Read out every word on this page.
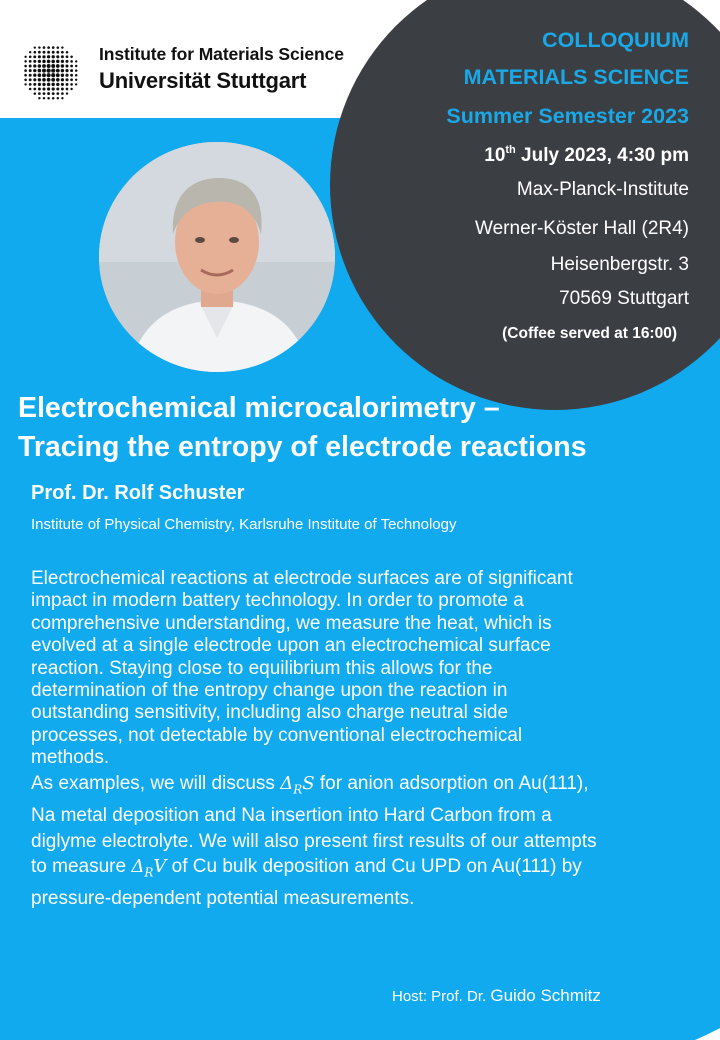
Institute for Materials Science
Universität Stuttgart
COLLOQUIUM
MATERIALS SCIENCE
Summer Semester 2023
10th July 2023, 4:30 pm
Max-Planck-Institute
Werner-Köster Hall (2R4)
Heisenbergstr. 3
70569 Stuttgart
(Coffee served at 16:00)
Electrochemical microcalorimetry –
Tracing the entropy of electrode reactions
Prof. Dr. Rolf Schuster
Institute of Physical Chemistry, Karlsruhe Institute of Technology
Electrochemical reactions at electrode surfaces are of significant
impact in modern battery technology. In order to promote a
comprehensive understanding, we measure the heat, which is
evolved at a single electrode upon an electrochemical surface
reaction. Staying close to equilibrium this allows for the
determination of the entropy change upon the reaction in
outstanding sensitivity, including also charge neutral side
processes, not detectable by conventional electrochemical
methods.
As examples, we will discuss $\Delta_RS$ for anion adsorption on Au(111),
Na metal deposition and Na insertion into Hard Carbon from a
diglyme electrolyte. We will also present first results of our attempts
to measure $\Delta_RV$ of Cu bulk deposition and Cu UPD on Au(111) by
pressure-dependent potential measurements.
Host: Prof. Dr. Guido Schmitz
